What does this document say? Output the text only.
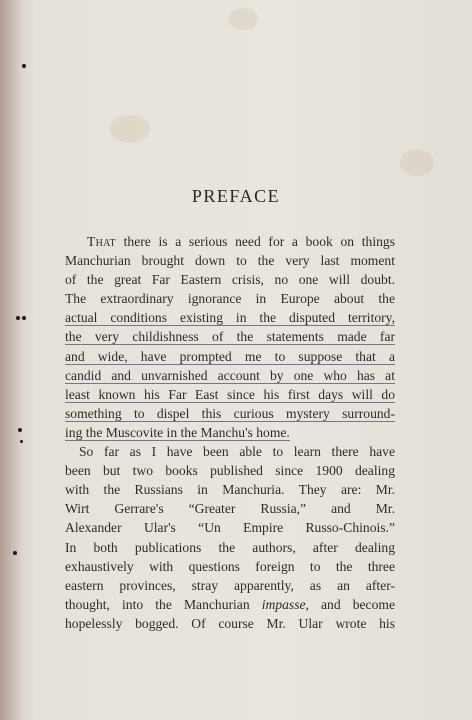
PREFACE
That there is a serious need for a book on things
Manchurian brought down to the very last moment
of the great Far Eastern crisis, no one will doubt.
The extraordinary ignorance in Europe about the
actual conditions existing in the disputed territory,
the very childishness of the statements made far
and wide, have prompted me to suppose that a
candid and unvarnished account by one who has at
least known his Far East since his first days will do
something to dispel this curious mystery surround-
ing the Muscovite in the Manchu's home.
So far as I have been able to learn there have
been but two books published since 1900 dealing
with the Russians in Manchuria. They are: Mr.
Wirt Gerrare's “Greater Russia,” and Mr.
Alexander Ular's “Un Empire Russo-Chinois.”
In both publications the authors, after dealing
exhaustively with questions foreign to the three
eastern provinces, stray apparently, as an after-
thought, into the Manchurian impasse, and become
hopelessly bogged. Of course Mr. Ular wrote his
